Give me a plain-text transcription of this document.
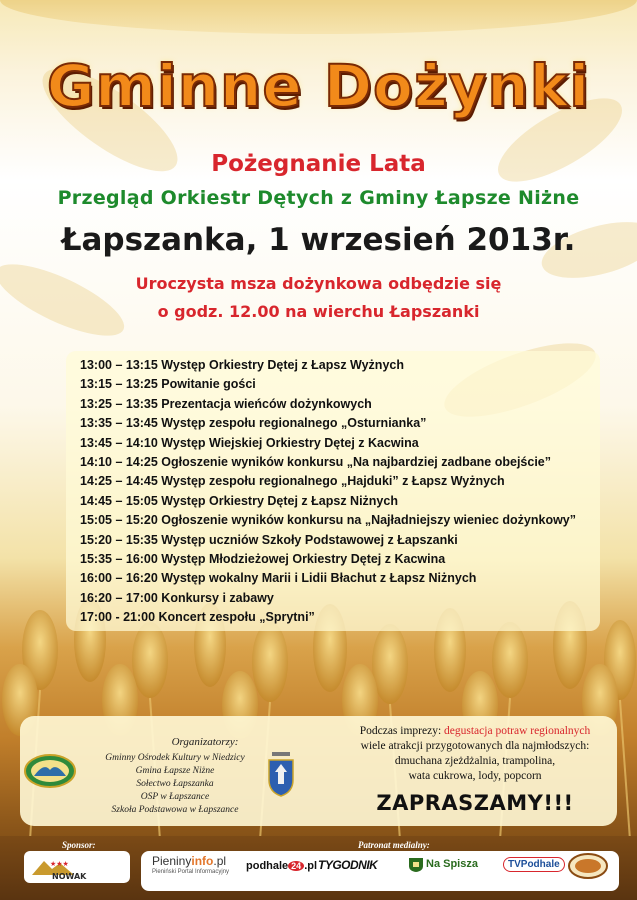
Gminne Dożynki
Pożegnanie Lata
Przegląd Orkiestr Dętych z Gminy Łapsze Niżne
Łapszanka, 1 wrzesień 2013r.
Uroczysta msza dożynkowa odbędzie się
o godz. 12.00 na wierchu Łapszanki
13:00 – 13:15 Występ Orkiestry Dętej z Łapsz Wyżnych
13:15 – 13:25 Powitanie gości
13:25 – 13:35 Prezentacja wieńców dożynkowych
13:35 – 13:45 Występ zespołu regionalnego „Osturnianka”
13:45 – 14:10 Występ Wiejskiej Orkiestry Dętej z Kacwina
14:10 – 14:25 Ogłoszenie wyników konkursu „Na najbardziej zadbane obejście”
14:25 – 14:45 Występ zespołu regionalnego „Hajduki” z Łapsz Wyżnych
14:45 – 15:05 Występ Orkiestry Dętej z Łapsz Niżnych
15:05 – 15:20 Ogłoszenie wyników konkursu na „Najładniejszy wieniec dożynkowy”
15:20 – 15:35 Występ uczniów Szkoły Podstawowej z Łapszanki
15:35 – 16:00 Występ Młodzieżowej Orkiestry Dętej z Kacwina
16:00 – 16:20 Występ wokalny Marii i Lidii Błachut z Łapsz Niżnych
16:20 – 17:00 Konkursy i zabawy
17:00 - 21:00 Koncert zespołu „Sprytni”
Organizatorzy:
Gminny Ośrodek Kultury w Niedzicy
Gmina Łapsze Niżne
Sołectwo Łapszanka
OSP w Łapszance
Szkoła Podstawowa w Łapszance
Podczas imprezy: degustacja potraw regionalnych
wiele atrakcji przygotowanych dla najmłodszych:
dmuchana zjeżdżalnia, trampolina,
wata cukrowa, lody, popcorn
ZAPRASZAMY!!!
Sponsor:	Patronat medialny:
★★★
NOWAK
Pieninyinfo.pl
Pieniński Portal Informacyjny podhale 24 .pl TYGODNIK	Na Spisza	TVPodhale
